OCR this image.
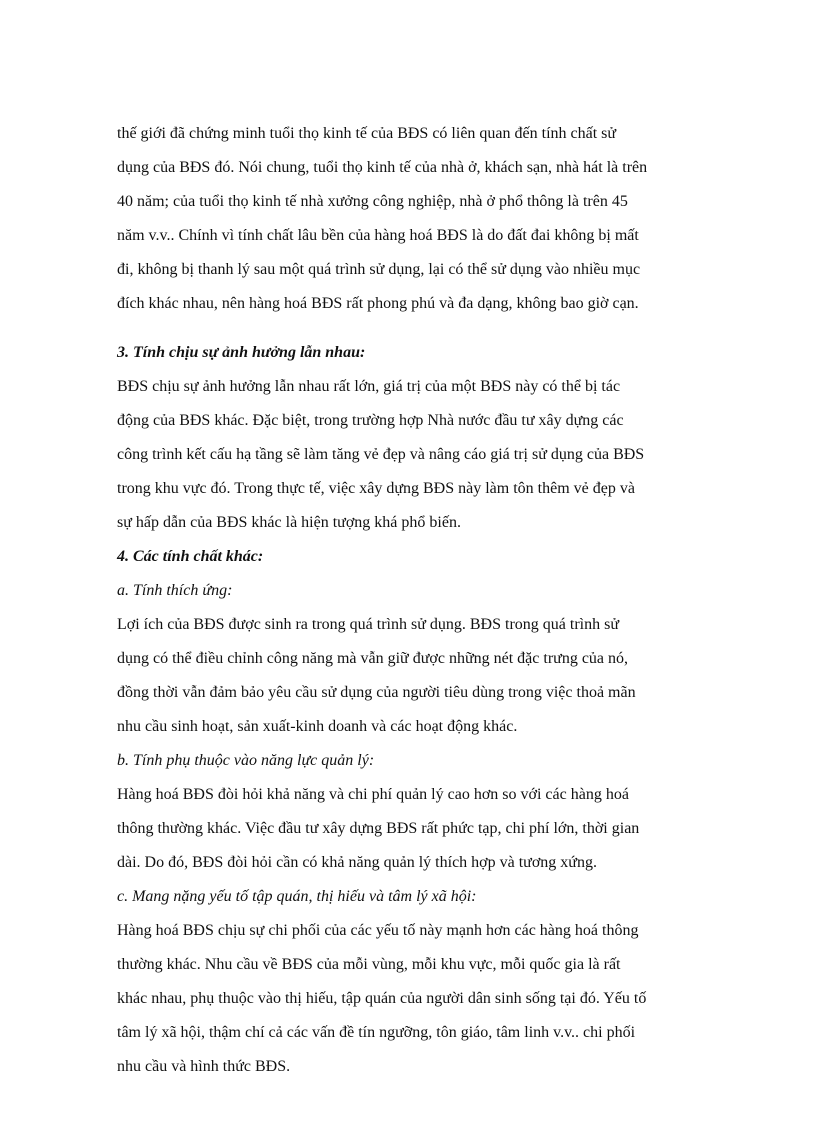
thế giới đã chứng minh tuổi thọ kinh tế của BĐS có liên quan đến tính chất sử
dụng của BĐS đó. Nói chung, tuổi thọ kinh tế của nhà ở, khách sạn, nhà hát là trên
40 năm; của tuổi thọ kinh tế nhà xưởng công nghiệp, nhà ở phổ thông là trên 45
năm v.v.. Chính vì tính chất lâu bền của hàng hoá BĐS là do đất đai không bị mất
đi, không bị thanh lý sau một quá trình sử dụng, lại có thể sử dụng vào nhiều mục
đích khác nhau, nên hàng hoá BĐS rất phong phú và đa dạng, không bao giờ cạn.
3. Tính chịu sự ảnh hưởng lẫn nhau:
BĐS chịu sự ảnh hưởng lẫn nhau rất lớn, giá trị của một BĐS này có thể bị tác
động của BĐS khác. Đặc biệt, trong trường hợp Nhà nước đầu tư xây dựng các
công trình kết cấu hạ tầng sẽ làm tăng vẻ đẹp và nâng cáo giá trị sử dụng của BĐS
trong khu vực đó. Trong thực tế, việc xây dựng BĐS này làm tôn thêm vẻ đẹp và
sự hấp dẫn của BĐS khác là hiện tượng khá phổ biến.
4. Các tính chất khác:
a. Tính thích ứng:
Lợi ích của BĐS được sinh ra trong quá trình sử dụng. BĐS trong quá trình sử
dụng có thể điều chỉnh công năng mà vẫn giữ được những nét đặc trưng của nó,
đồng thời vẫn đảm bảo yêu cầu sử dụng của người tiêu dùng trong việc thoả mãn
nhu cầu sinh hoạt, sản xuất-kinh doanh và các hoạt động khác.
b. Tính phụ thuộc vào năng lực quản lý:
Hàng hoá BĐS đòi hỏi khả năng và chi phí quản lý cao hơn so với các hàng hoá
thông thường khác. Việc đầu tư xây dựng BĐS rất phức tạp, chi phí lớn, thời gian
dài. Do đó, BĐS đòi hỏi cần có khả năng quản lý thích hợp và tương xứng.
c. Mang nặng yếu tố tập quán, thị hiếu và tâm lý xã hội:
Hàng hoá BĐS chịu sự chi phối của các yếu tố này mạnh hơn các hàng hoá thông
thường khác. Nhu cầu về BĐS của mỗi vùng, mỗi khu vực, mỗi quốc gia là rất
khác nhau, phụ thuộc vào thị hiếu, tập quán của người dân sinh sống tại đó. Yếu tố
tâm lý xã hội, thậm chí cả các vấn đề tín ngưỡng, tôn giáo, tâm linh v.v.. chi phối
nhu cầu và hình thức BĐS.
